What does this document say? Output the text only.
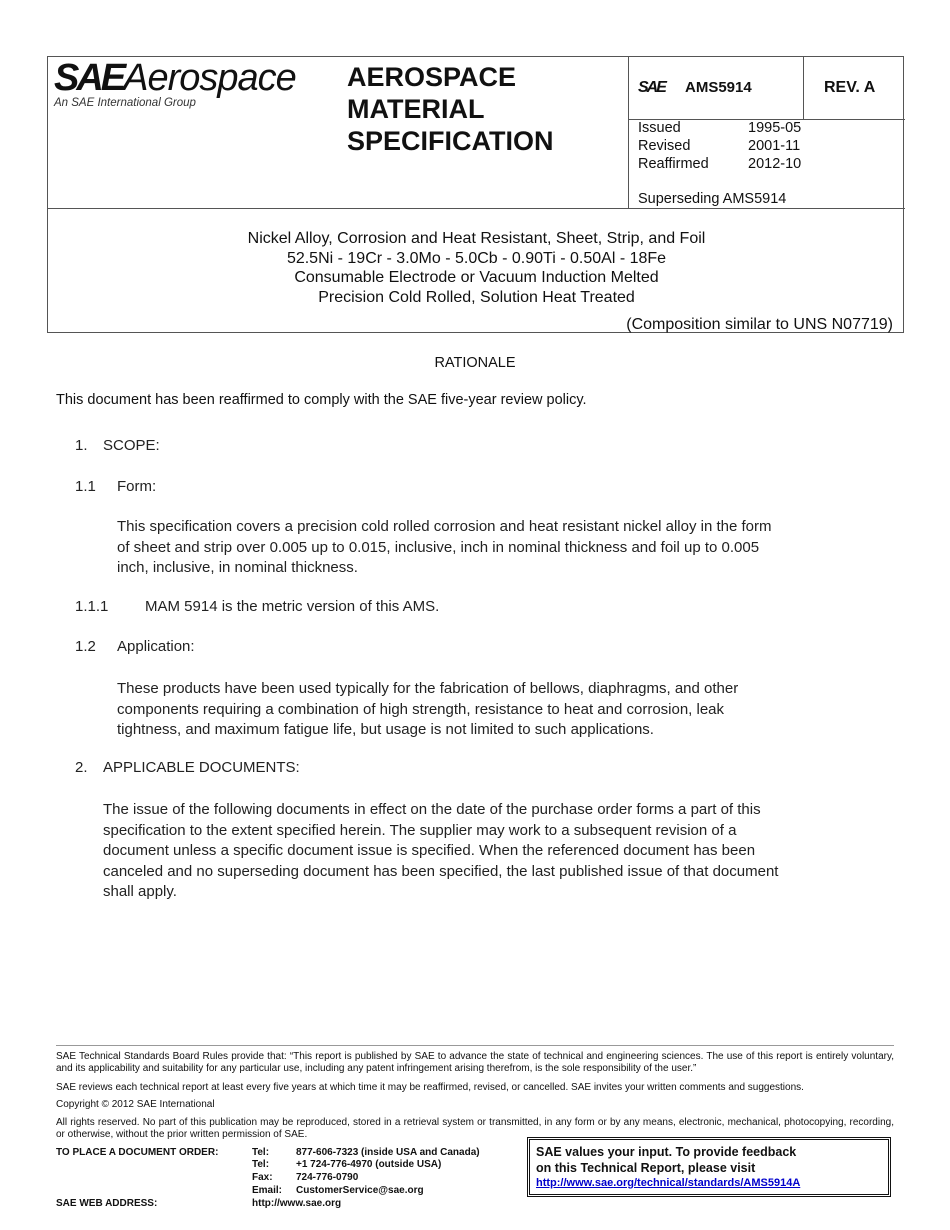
SAEAerospace
An SAE International Group
AEROSPACE
MATERIAL
SPECIFICATION
SAE AMS5914	REV. A
Issued	1995-05
Revised	2001-11
Reaffirmed	2012-10
Superseding AMS5914
Nickel Alloy, Corrosion and Heat Resistant, Sheet, Strip, and Foil
52.5Ni - 19Cr - 3.0Mo - 5.0Cb - 0.90Ti - 0.50Al - 18Fe
Consumable Electrode or Vacuum Induction Melted
Precision Cold Rolled, Solution Heat Treated
(Composition similar to UNS N07719)
RATIONALE
This document has been reaffirmed to comply with the SAE five-year review policy.
1. SCOPE:
1.1 Form:
This specification covers a precision cold rolled corrosion and heat resistant nickel alloy in the form
of sheet and strip over 0.005 up to 0.015, inclusive, inch in nominal thickness and foil up to 0.005
inch, inclusive, in nominal thickness.
1.1.1 MAM 5914 is the metric version of this AMS.
1.2 Application:
These products have been used typically for the fabrication of bellows, diaphragms, and other
components requiring a combination of high strength, resistance to heat and corrosion, leak
tightness, and maximum fatigue life, but usage is not limited to such applications.
2. APPLICABLE DOCUMENTS:
The issue of the following documents in effect on the date of the purchase order forms a part of this
specification to the extent specified herein. The supplier may work to a subsequent revision of a
document unless a specific document issue is specified. When the referenced document has been
canceled and no superseding document has been specified, the last published issue of that document
shall apply.
SAE Technical Standards Board Rules provide that: “This report is published by SAE to advance the state of technical and engineering sciences. The use of this report is entirely voluntary, and its applicability and suitability for any particular use, including any patent infringement arising therefrom, is the sole responsibility of the user.”
SAE reviews each technical report at least every five years at which time it may be reaffirmed, revised, or cancelled. SAE invites your written comments and suggestions.
Copyright © 2012 SAE International
All rights reserved. No part of this publication may be reproduced, stored in a retrieval system or transmitted, in any form or by any means, electronic, mechanical, photocopying, recording, or otherwise, without the prior written permission of SAE.
TO PLACE A DOCUMENT ORDER:	Tel:	877-606-7323 (inside USA and Canada)
Tel:	+1 724-776-4970 (outside USA)
Fax: 724-776-0790
Email: CustomerService@sae.org
SAE WEB ADDRESS:	http://www.sae.org
SAE values your input. To provide feedback
on this Technical Report, please visit
http://www.sae.org/technical/standards/AMS5914A
